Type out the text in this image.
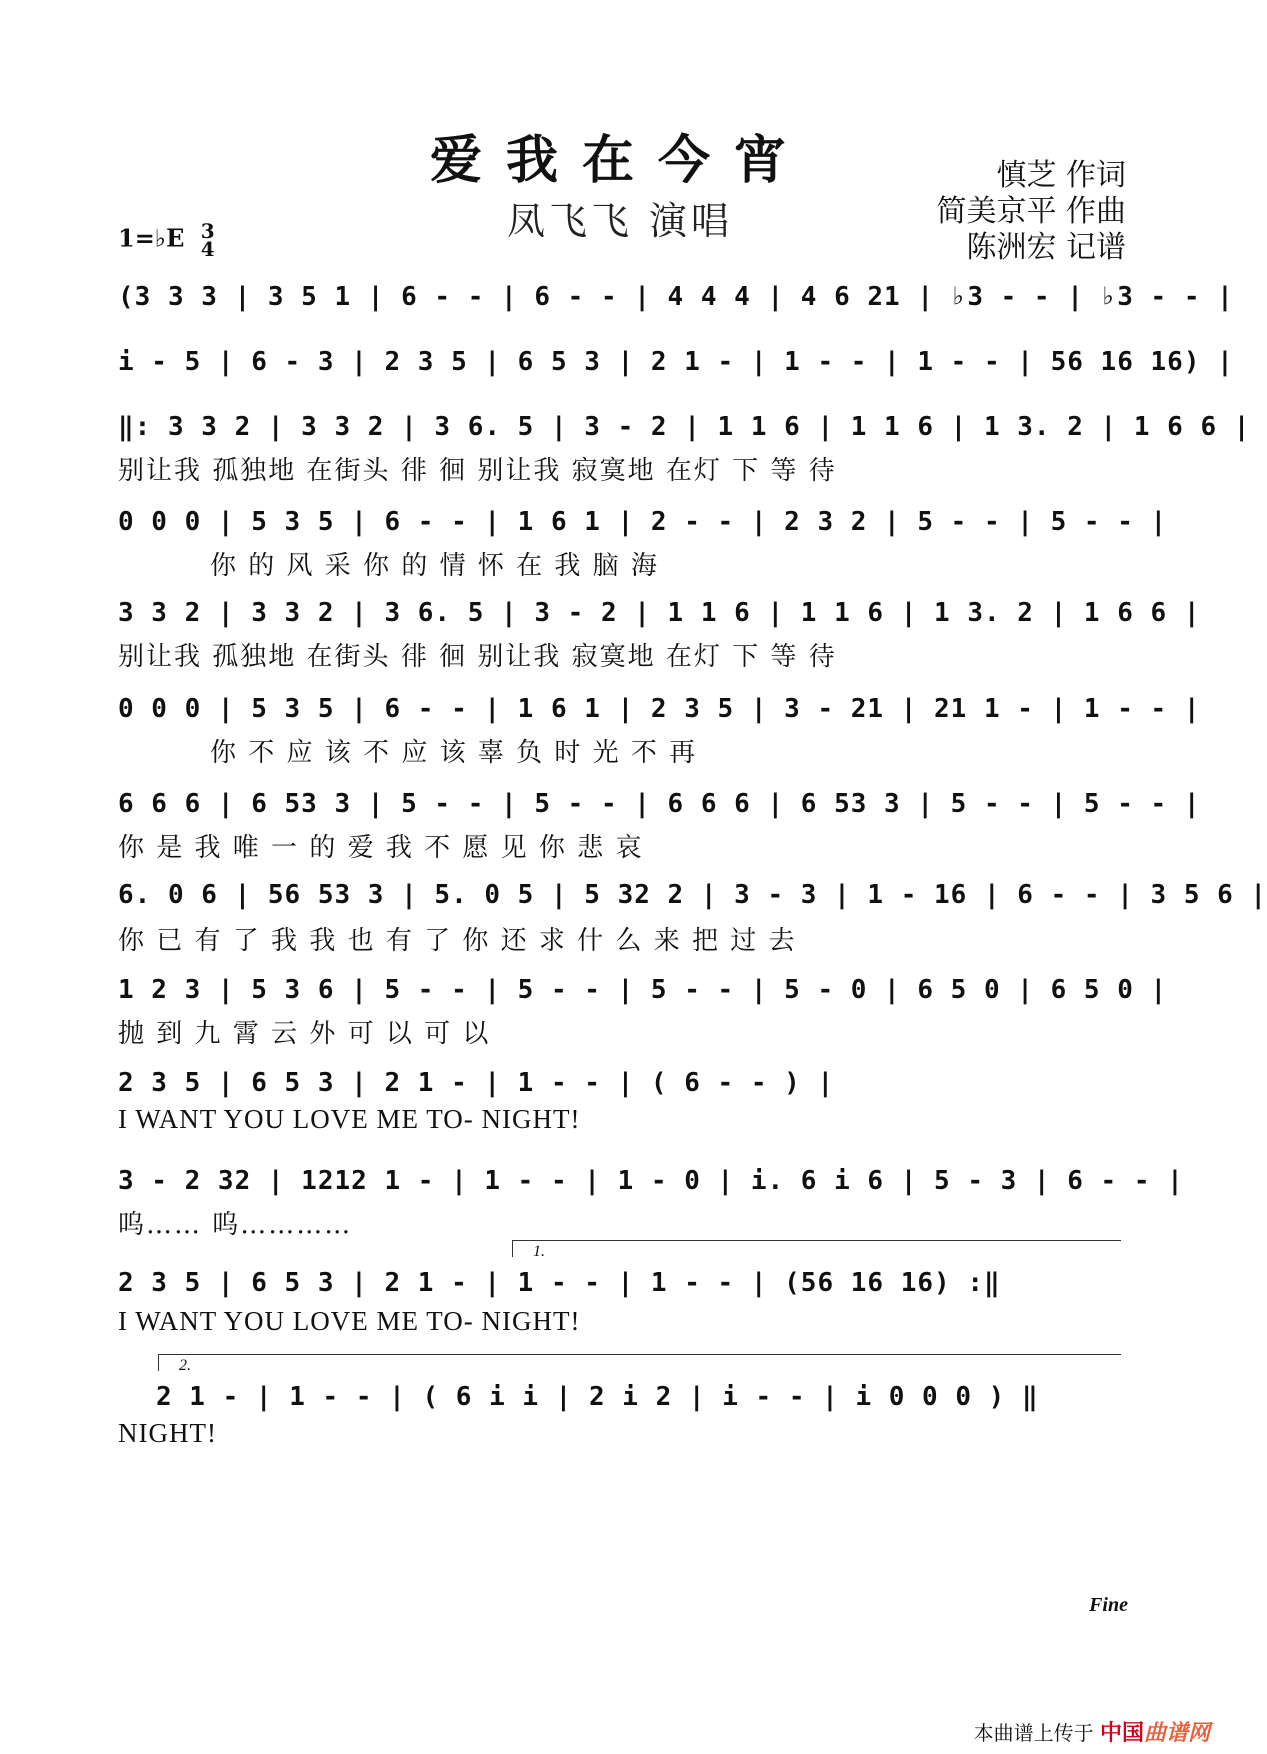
爱我在今宵
凤飞飞 演唱
慎芝 作词
简美京平 作曲
陈洲宏 记谱
1=♭E 3
4
(3 3 3 | 3 5 1 | 6 - - | 6 - - | 4 4 4 | 4 6 21 | ♭3 - - | ♭3 - - |
i - 5 | 6 - 3 | 2 3 5 | 6 5 3 | 2 1 - | 1 - - | 1 - - | 56 16 16) |
‖: 3 3 2 | 3 3 2 | 3 6. 5 | 3 - 2 | 1 1 6 | 1 1 6 | 1 3. 2 | 1 6 6 |
别让我 孤独地 在街头 徘 徊 别让我 寂寞地 在灯 下 等 待
0 0 0 | 5 3 5 | 6 - - | 1 6 1 | 2 - - | 2 3 2 | 5 - - | 5 - - |
你 的 风 采 你 的 情 怀 在 我 脑 海
3 3 2 | 3 3 2 | 3 6. 5 | 3 - 2 | 1 1 6 | 1 1 6 | 1 3. 2 | 1 6 6 |
别让我 孤独地 在街头 徘 徊 别让我 寂寞地 在灯 下 等 待
0 0 0 | 5 3 5 | 6 - - | 1 6 1 | 2 3 5 | 3 - 21 | 21 1 - | 1 - - |
你 不 应 该 不 应 该 辜 负 时 光 不 再
6 6 6 | 6 53 3 | 5 - - | 5 - - | 6 6 6 | 6 53 3 | 5 - - | 5 - - |
你 是 我 唯 一 的 爱 我 不 愿 见 你 悲 哀
6. 0 6 | 56 53 3 | 5. 0 5 | 5 32 2 | 3 - 3 | 1 - 16 | 6 - - | 3 5 6 |
你 已 有 了 我 我 也 有 了 你 还 求 什 么 来 把 过 去
1 2 3 | 5 3 6 | 5 - - | 5 - - | 5 - - | 5 - 0 | 6 5 0 | 6 5 0 |
抛 到 九 霄 云 外 可 以 可 以
2 3 5 | 6 5 3 | 2 1 - | 1 - - | ( 6 - - ) |
I WANT YOU LOVE ME TO- NIGHT!
3 - 2 32 | 1212 1 - | 1 - - | 1 - 0 | i. 6 i 6 | 5 - 3 | 6 - - |
呜…… 呜…………
1.
2 3 5 | 6 5 3 | 2 1 - | 1 - - | 1 - - | (56 16 16) :‖
I WANT YOU LOVE ME TO- NIGHT!
2.
2 1 - | 1 - - | ( 6 i i | 2 i 2 | i - - | i 0 0 0 ) ‖
NIGHT!
Fine
本曲谱上传于 中国曲谱网
